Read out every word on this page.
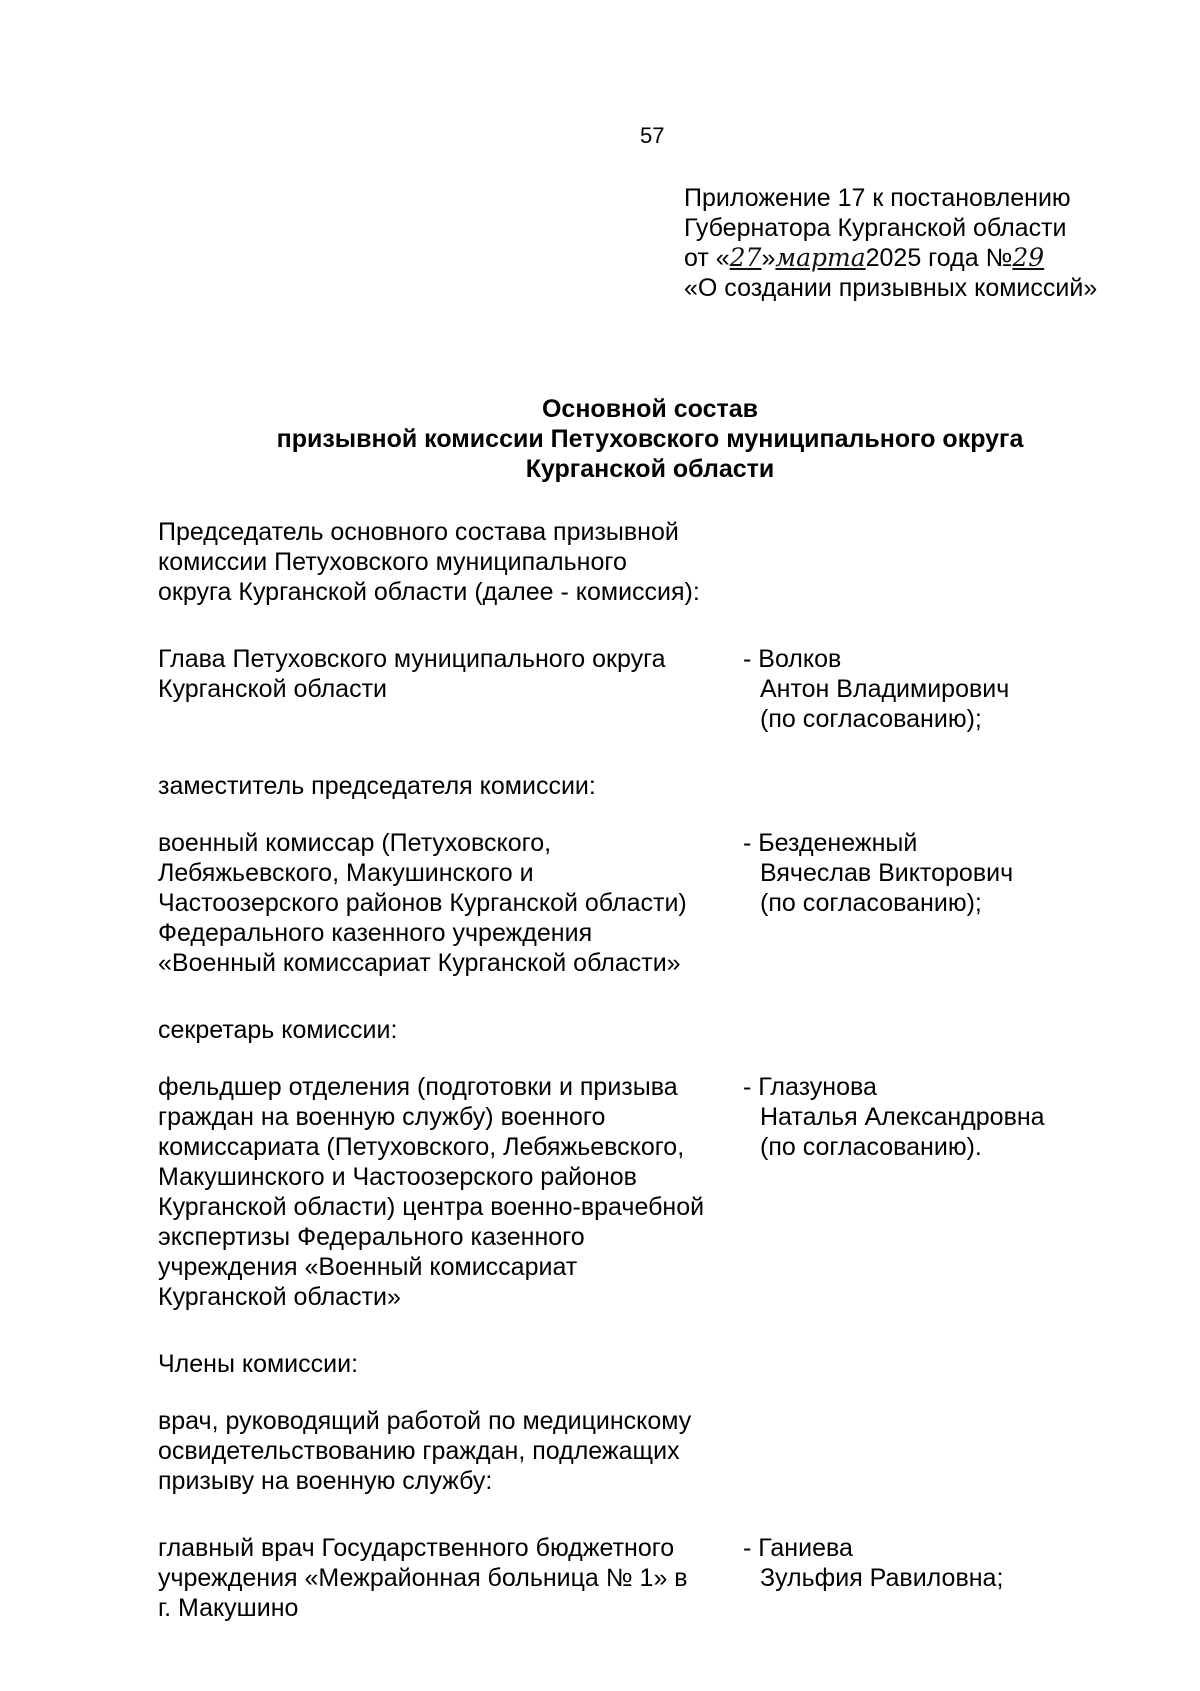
57
Приложение 17 к постановлению
Губернатора Курганской области
от «27»марта2025 года №29
«О создании призывных комиссий»
Основной состав
призывной комиссии Петуховского муниципального округа
Курганской области
Председатель основного состава призывной
комиссии Петуховского муниципального
округа Курганской области (далее - комиссия):
Глава Петуховского муниципального округа
Курганской области
- Волков
Антон Владимирович
(по согласованию);
заместитель председателя комиссии:
военный комиссар (Петуховского,
Лебяжьевского, Макушинского и
Частоозерского районов Курганской области)
Федерального казенного учреждения
«Военный комиссариат Курганской области»
- Безденежный
Вячеслав Викторович
(по согласованию);
секретарь комиссии:
фельдшер отделения (подготовки и призыва
граждан на военную службу) военного
комиссариата (Петуховского, Лебяжьевского,
Макушинского и Частоозерского районов
Курганской области) центра военно-врачебной
экспертизы Федерального казенного
учреждения «Военный комиссариат
Курганской области»
- Глазунова
Наталья Александровна
(по согласованию).
Члены комиссии:
врач, руководящий работой по медицинскому
освидетельствованию граждан, подлежащих
призыву на военную службу:
главный врач Государственного бюджетного
учреждения «Межрайонная больница № 1» в
г. Макушино
- Ганиева
Зульфия Равиловна;
